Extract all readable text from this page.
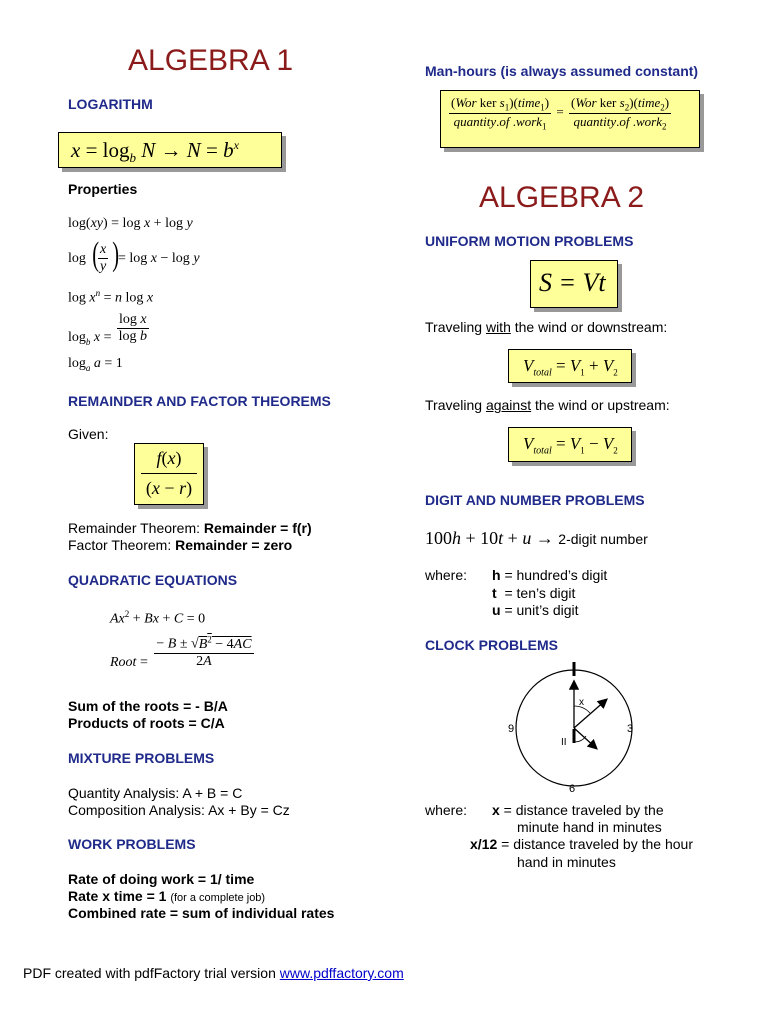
ALGEBRA 1
LOGARITHM
$x = \log_b N \to N = b^x$
Properties
log(xy) = log x + log y
log (
$\frac{x}{y}$ )
= log x − log y
$\log x^n = n$ log x
$\log_b x = \frac{\text{log x}}{\text{log b}}$
$\log_a a = 1$
REMAINDER AND FACTOR THEOREMS
Given:
f(x)
(x − r)
Remainder Theorem: Remainder = f(r)
Factor Theorem: Remainder = zero
QUADRATIC EQUATIONS
$Ax^2 + Bx + C = 0$
Root = $\frac{- B \pm √B^2 - 4AC}{2A}$
Sum of the roots = - B/A
Products of roots = C/A
MIXTURE PROBLEMS
Quantity Analysis: A + B = C
Composition Analysis: Ax + By = Cz
WORK PROBLEMS
Rate of doing work = 1/ time
Rate x time = 1 (for a complete job)
Combined rate = sum of individual rates
Man-hours (is always assumed constant)
$\frac{(Wor ker s_1)(time_1)}{quantity.of .work_1} = \frac{(Wor ker s_2)(time_2)}{quantity.of .work_2}$
ALGEBRA 2
UNIFORM MOTION PROBLEMS
S = Vt
Traveling with the wind or downstream:
$V_{total} = V_1 + V_2$
Traveling against the wind or upstream:
$V_{total} = V_1 - V_2$
DIGIT AND NUMBER PROBLEMS
100h + 10t + u → 2-digit number
where: h = hundred’s digit
t  = ten’s digit
u = unit’s digit
CLOCK PROBLEMS
x
II
9	3
6
where: x = distance traveled by the
minute hand in minutes
x/12 = distance traveled by the hour
hand in minutes
PDF created with pdfFactory trial version www.pdffactory.com
